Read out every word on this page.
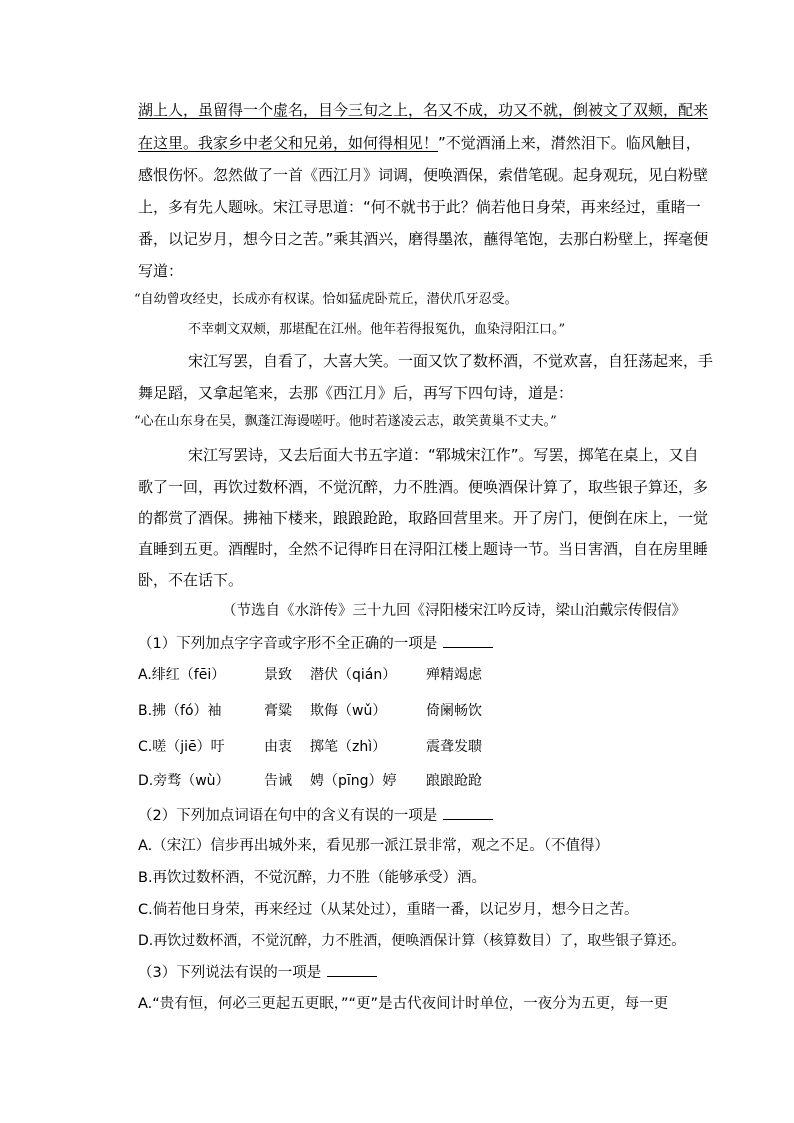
湖上人，虽留得一个虚名，目今三旬之上，名又不成，功又不就，倒被文了双颊，配来
在这里。我家乡中老父和兄弟，如何得相见！”不觉酒涌上来，潸然泪下。临风触目，
感恨伤怀。忽然做了一首《西江月》词调，便唤酒保，索借笔砚。起身观玩，见白粉壁
上，多有先人题咏。宋江寻思道：“何不就书于此？倘若他日身荣，再来经过，重睹一
番，以记岁月，想今日之苦。”乘其酒兴，磨得墨浓，蘸得笔饱，去那白粉壁上，挥毫便
写道：
“自幼曾攻经史，长成亦有权谋。恰如猛虎卧荒丘，潜伏爪牙忍受。
不幸刺文双颊，那堪配在江州。他年若得报冤仇，血染浔阳江口。”
宋江写罢，自看了，大喜大笑。一面又饮了数杯酒，不觉欢喜，自狂荡起来，手
舞足蹈，又拿起笔来，去那《西江月》后，再写下四句诗，道是：
“心在山东身在吴，飘蓬江海谩嗟吁。他时若遂凌云志，敢笑黄巢不丈夫。”
宋江写罢诗，又去后面大书五字道：“郓城宋江作”。写罢，掷笔在桌上，又自
歌了一回，再饮过数杯酒，不觉沉醉，力不胜酒。便唤酒保计算了，取些银子算还，多
的都赏了酒保。拂袖下楼来，踉踉跄跄，取路回营里来。开了房门，便倒在床上，一觉
直睡到五更。酒醒时，全然不记得昨日在浔阳江楼上题诗一节。当日害酒，自在房里睡
卧，不在话下。
（节选自《水浒传》三十九回《浔阳楼宋江吟反诗，梁山泊戴宗传假信》
（1）下列加点字字音或字形不全正确的一项是
A.绯红（fēi）	景致 潜伏（qián） 殚精竭虑
B.拂（fó）袖	膏粱 欺侮（wǔ）	倚阑畅饮
C.嗟（jiē）吁	由衷 掷笔（zhì）	震聋发聩
D.旁骛（wù） 告诫 娉（pīng）婷 踉踉跄跄
（2）下列加点词语在句中的含义有误的一项是
A.（宋江）信步再出城外来，看见那一派江景非常，观之不足。（不值得）
B.再饮过数杯酒，不觉沉醉，力不胜（能够承受）酒。
C.倘若他日身荣，再来经过（从某处过），重睹一番，以记岁月，想今日之苦。
D.再饮过数杯酒，不觉沉醉，力不胜酒，便唤酒保计算（核算数目）了，取些银子算还。
（3）下列说法有误的一项是
A.“贵有恒，何必三更起五更眠，”“更”是古代夜间计时单位，一夜分为五更，每一更
